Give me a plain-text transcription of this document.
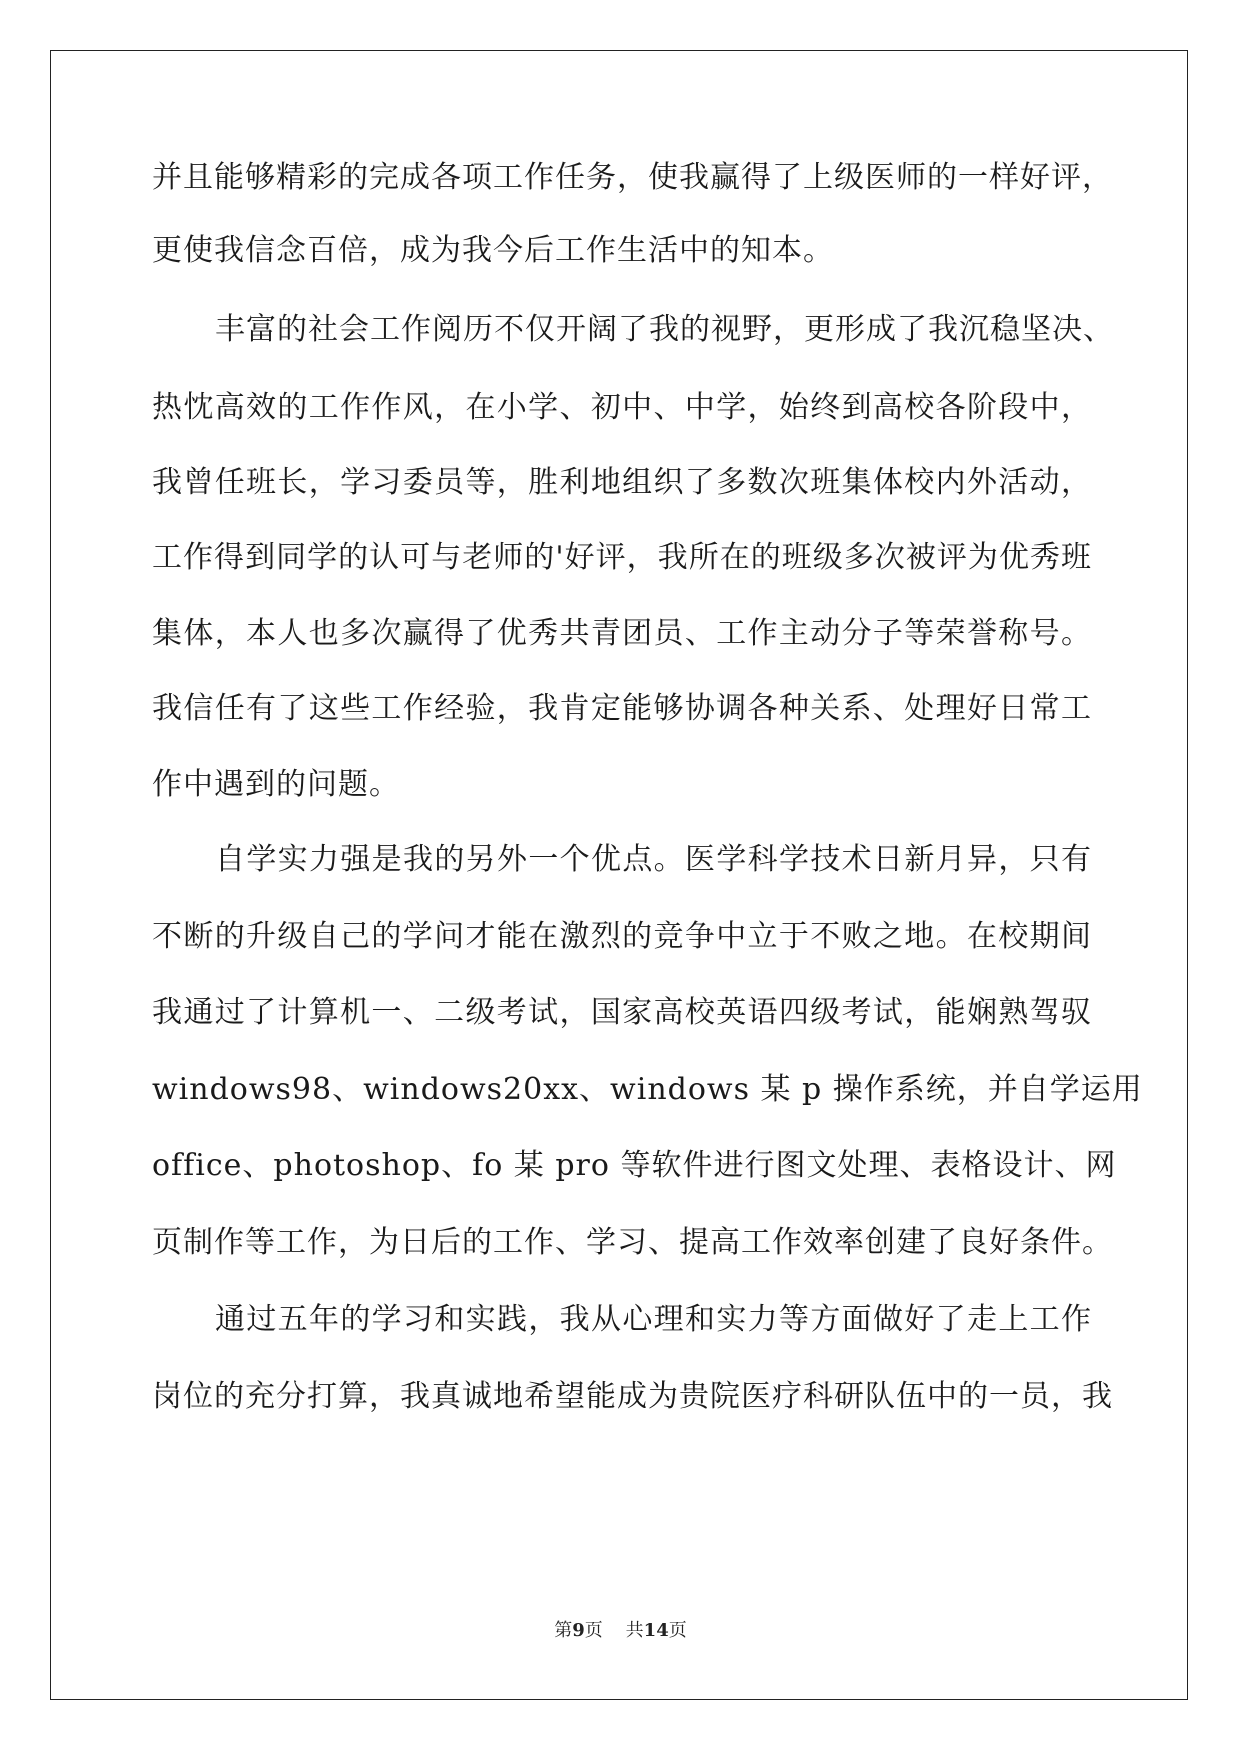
并且能够精彩的完成各项工作任务，使我赢得了上级医师的一样好评，
更使我信念百倍，成为我今后工作生活中的知本。
丰富的社会工作阅历不仅开阔了我的视野，更形成了我沉稳坚决、
热忱高效的工作作风，在小学、初中、中学，始终到高校各阶段中，
我曾任班长，学习委员等，胜利地组织了多数次班集体校内外活动，
工作得到同学的认可与老师的'好评，我所在的班级多次被评为优秀班
集体，本人也多次赢得了优秀共青团员、工作主动分子等荣誉称号。
我信任有了这些工作经验，我肯定能够协调各种关系、处理好日常工
作中遇到的问题。
自学实力强是我的另外一个优点。医学科学技术日新月异，只有
不断的升级自己的学问才能在激烈的竞争中立于不败之地。在校期间
我通过了计算机一、二级考试，国家高校英语四级考试，能娴熟驾驭
windows98、windows20xx、windows 某 p 操作系统，并自学运用
office、photoshop、fo 某 pro 等软件进行图文处理、表格设计、网
页制作等工作，为日后的工作、学习、提高工作效率创建了良好条件。
通过五年的学习和实践，我从心理和实力等方面做好了走上工作
岗位的充分打算，我真诚地希望能成为贵院医疗科研队伍中的一员，我
第9页 共14页
